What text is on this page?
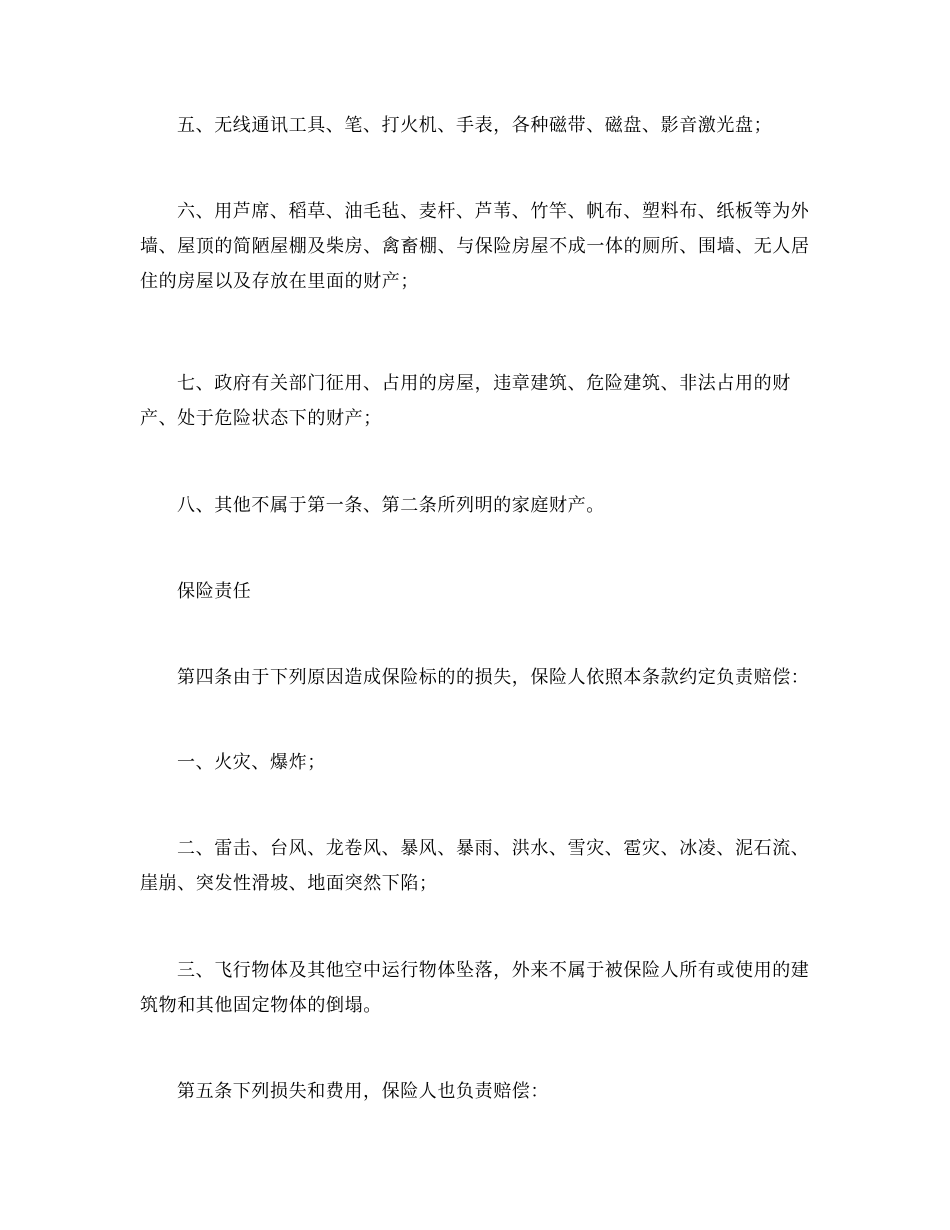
五、无线通讯工具、笔、打火机、手表，各种磁带、磁盘、影音激光盘；

六、用芦席、稻草、油毛毡、麦杆、芦苇、竹竿、帆布、塑料布、纸板等为外墙、屋顶的简陋屋棚及柴房、禽畜棚、与保险房屋不成一体的厕所、围墙、无人居住的房屋以及存放在里面的财产；

七、政府有关部门征用、占用的房屋，违章建筑、危险建筑、非法占用的财产、处于危险状态下的财产；

八、其他不属于第一条、第二条所列明的家庭财产。

保险责任

第四条由于下列原因造成保险标的的损失，保险人依照本条款约定负责赔偿：

一、火灾、爆炸；

二、雷击、台风、龙卷风、暴风、暴雨、洪水、雪灾、雹灾、冰凌、泥石流、崖崩、突发性滑坡、地面突然下陷；

三、飞行物体及其他空中运行物体坠落，外来不属于被保险人所有或使用的建筑物和其他固定物体的倒塌。

第五条下列损失和费用，保险人也负责赔偿：
